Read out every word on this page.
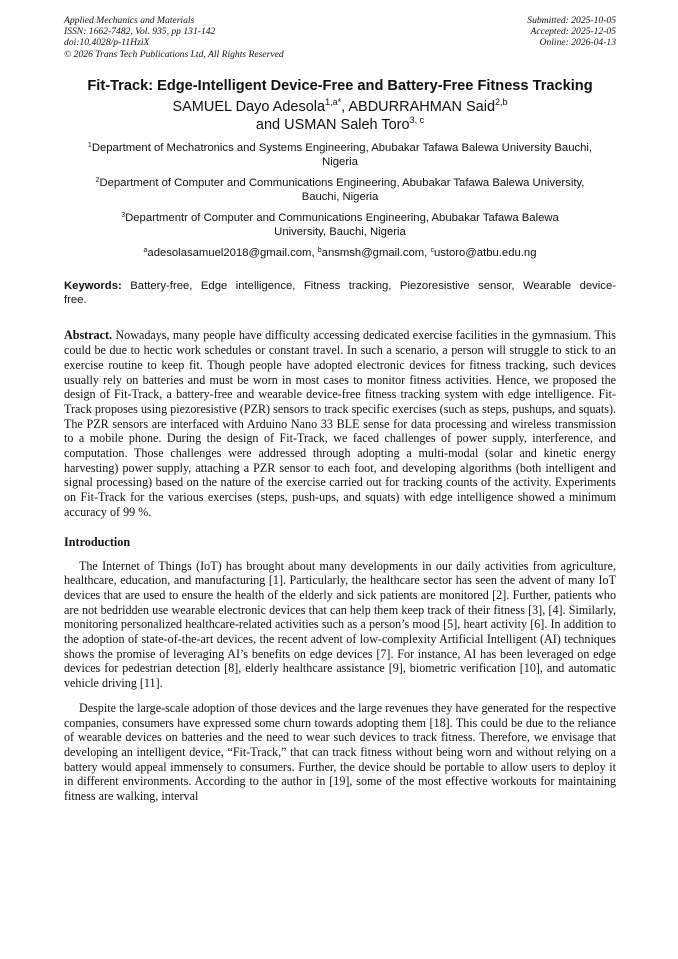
Applied Mechanics and Materials
ISSN: 1662-7482, Vol. 935, pp 131-142
doi:10.4028/p-11HziX
© 2026 Trans Tech Publications Ltd, All Rights Reserved
Submitted: 2025-10-05
Accepted: 2025-12-05
Online: 2026-04-13
Fit-Track: Edge-Intelligent Device-Free and Battery-Free Fitness Tracking
SAMUEL Dayo Adesola$^{1,a*}$, ABDURRAHMAN Said$^{2,b}$
and USMAN Saleh Toro$^{3, c}$
$^1$Department of Mechatronics and Systems Engineering, Abubakar Tafawa Balewa University Bauchi, Nigeria
$^2$Department of Computer and Communications Engineering, Abubakar Tafawa Balewa University, Bauchi, Nigeria
$^3$Departmentr of Computer and Communications Engineering, Abubakar Tafawa Balewa University, Bauchi, Nigeria
$^a$adesolasamuel2018@gmail.com, $^b$ansmsh@gmail.com, $^c$ustoro@atbu.edu.ng
Keywords: Battery-free, Edge intelligence, Fitness tracking, Piezoresistive sensor, Wearable device-free.
Abstract. Nowadays, many people have difficulty accessing dedicated exercise facilities in the gymnasium. This could be due to hectic work schedules or constant travel. In such a scenario, a person will struggle to stick to an exercise routine to keep fit. Though people have adopted electronic devices for fitness tracking, such devices usually rely on batteries and must be worn in most cases to monitor fitness activities. Hence, we proposed the design of Fit-Track, a battery-free and wearable device-free fitness tracking system with edge intelligence. Fit-Track proposes using piezoresistive (PZR) sensors to track specific exercises (such as steps, pushups, and squats). The PZR sensors are interfaced with Arduino Nano 33 BLE sense for data processing and wireless transmission to a mobile phone. During the design of Fit-Track, we faced challenges of power supply, interference, and computation. Those challenges were addressed through adopting a multi-modal (solar and kinetic energy harvesting) power supply, attaching a PZR sensor to each foot, and developing algorithms (both intelligent and signal processing) based on the nature of the exercise carried out for tracking counts of the activity. Experiments on Fit-Track for the various exercises (steps, push-ups, and squats) with edge intelligence showed a minimum accuracy of 99 %.
Introduction
The Internet of Things (IoT) has brought about many developments in our daily activities from agriculture, healthcare, education, and manufacturing [1]. Particularly, the healthcare sector has seen the advent of many IoT devices that are used to ensure the health of the elderly and sick patients are monitored [2]. Further, patients who are not bedridden use wearable electronic devices that can help them keep track of their fitness [3], [4]. Similarly, monitoring personalized healthcare-related activities such as a person’s mood [5], heart activity [6]. In addition to the adoption of state-of-the-art devices, the recent advent of low-complexity Artificial Intelligent (AI) techniques shows the promise of leveraging AI’s benefits on edge devices [7]. For instance, AI has been leveraged on edge devices for pedestrian detection [8], elderly healthcare assistance [9], biometric verification [10], and automatic vehicle driving [11].
Despite the large-scale adoption of those devices and the large revenues they have generated for the respective companies, consumers have expressed some churn towards adopting them [18]. This could be due to the reliance of wearable devices on batteries and the need to wear such devices to track fitness. Therefore, we envisage that developing an intelligent device, “Fit-Track,” that can track fitness without being worn and without relying on a battery would appeal immensely to consumers. Further, the device should be portable to allow users to deploy it in different environments. According to the author in [19], some of the most effective workouts for maintaining fitness are walking, interval
